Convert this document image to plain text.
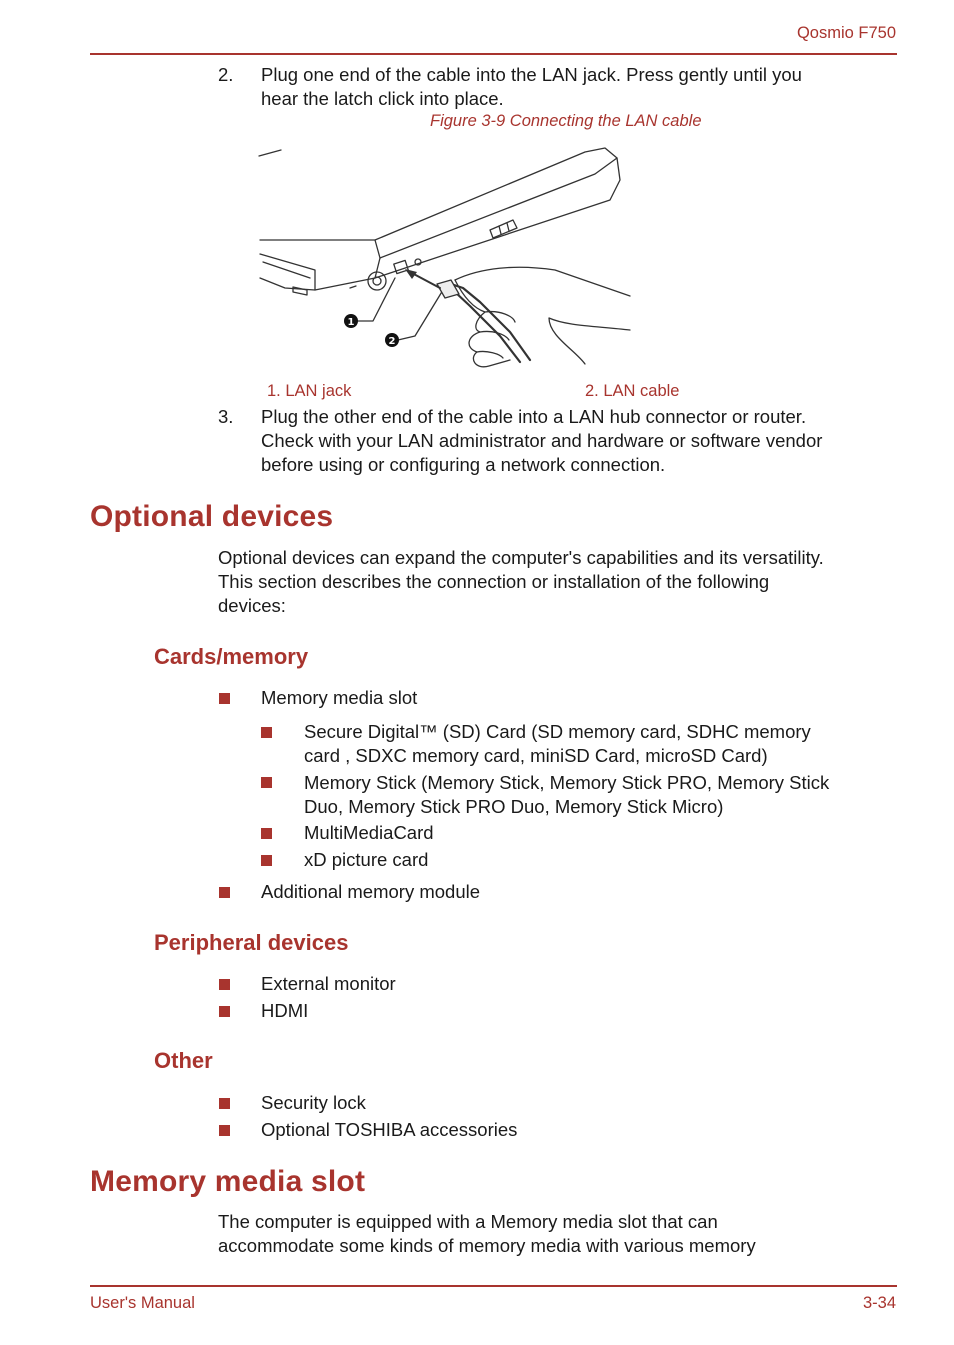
Qosmio F750
2. Plug one end of the cable into the LAN jack. Press gently until you
hear the latch click into place.
Figure 3-9 Connecting the LAN cable
1
2
1. LAN jack	2. LAN cable
3. Plug the other end of the cable into a LAN hub connector or router.
Check with your LAN administrator and hardware or software vendor
before using or configuring a network connection.
Optional devices
Optional devices can expand the computer's capabilities and its versatility.
This section describes the connection or installation of the following
devices:
Cards/memory
Memory media slot
Secure Digital™ (SD) Card (SD memory card, SDHC memory
card , SDXC memory card, miniSD Card, microSD Card)
Memory Stick (Memory Stick, Memory Stick PRO, Memory Stick
Duo, Memory Stick PRO Duo, Memory Stick Micro)
MultiMediaCard
xD picture card
Additional memory module
Peripheral devices
External monitor
HDMI
Other
Security lock
Optional TOSHIBA accessories
Memory media slot
The computer is equipped with a Memory media slot that can
accommodate some kinds of memory media with various memory
User's Manual	3-34
